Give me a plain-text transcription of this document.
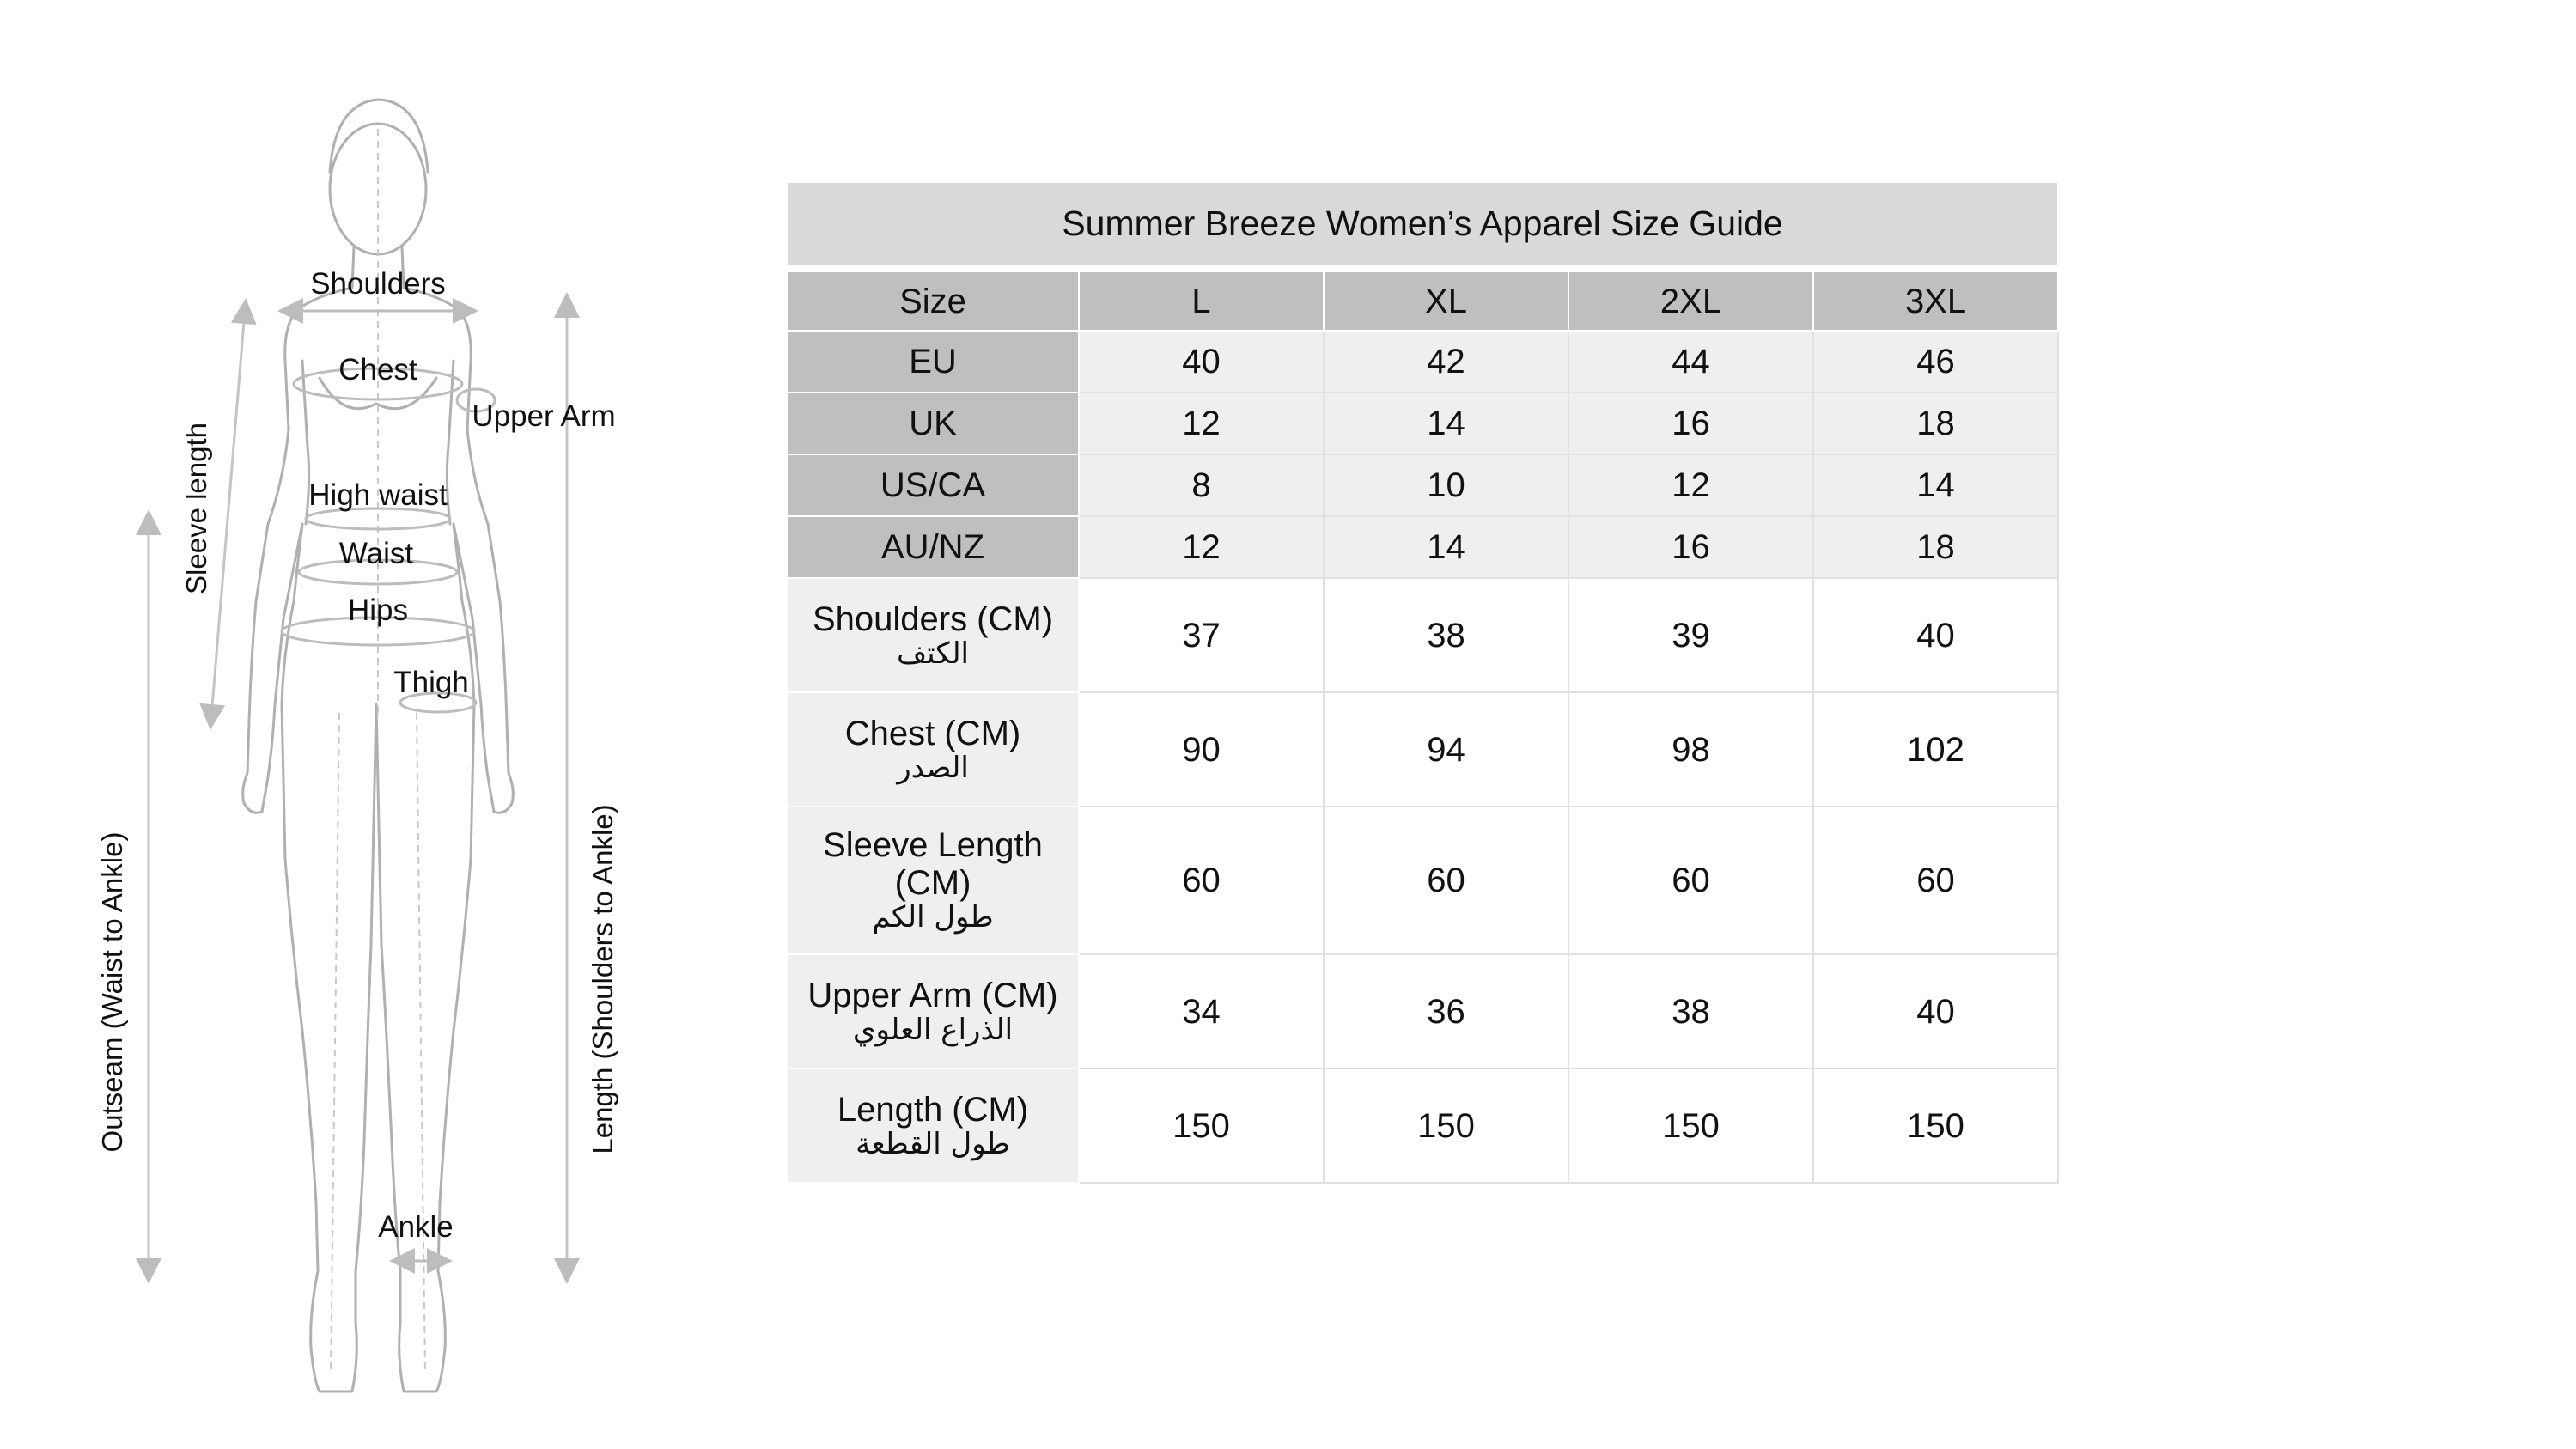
Shoulders
Chest
Upper Arm
High waist
Waist
Hips
Thigh
Ankle
Sleeve length
Outseam (Waist to Ankle)	Length (Shoulders to Ankle)
Summer Breeze Women’s Apparel Size Guide				
Size	L	XL	2XL	3XL
EU	40	42	44	46
UK	12	14	16	18
US/CA	8	10	12	14
AU/NZ	12	14	16	18

Shoulders (CM)
الكتف	37	38	39	40

Chest (CM)
الصدر	90	94	98	102

Sleeve Length (CM)
طول الكم	60	60	60	60

Upper Arm (CM)
الذراع العلوي	34	36	38	40

Length (CM)
طول القطعة	150	150	150	150
